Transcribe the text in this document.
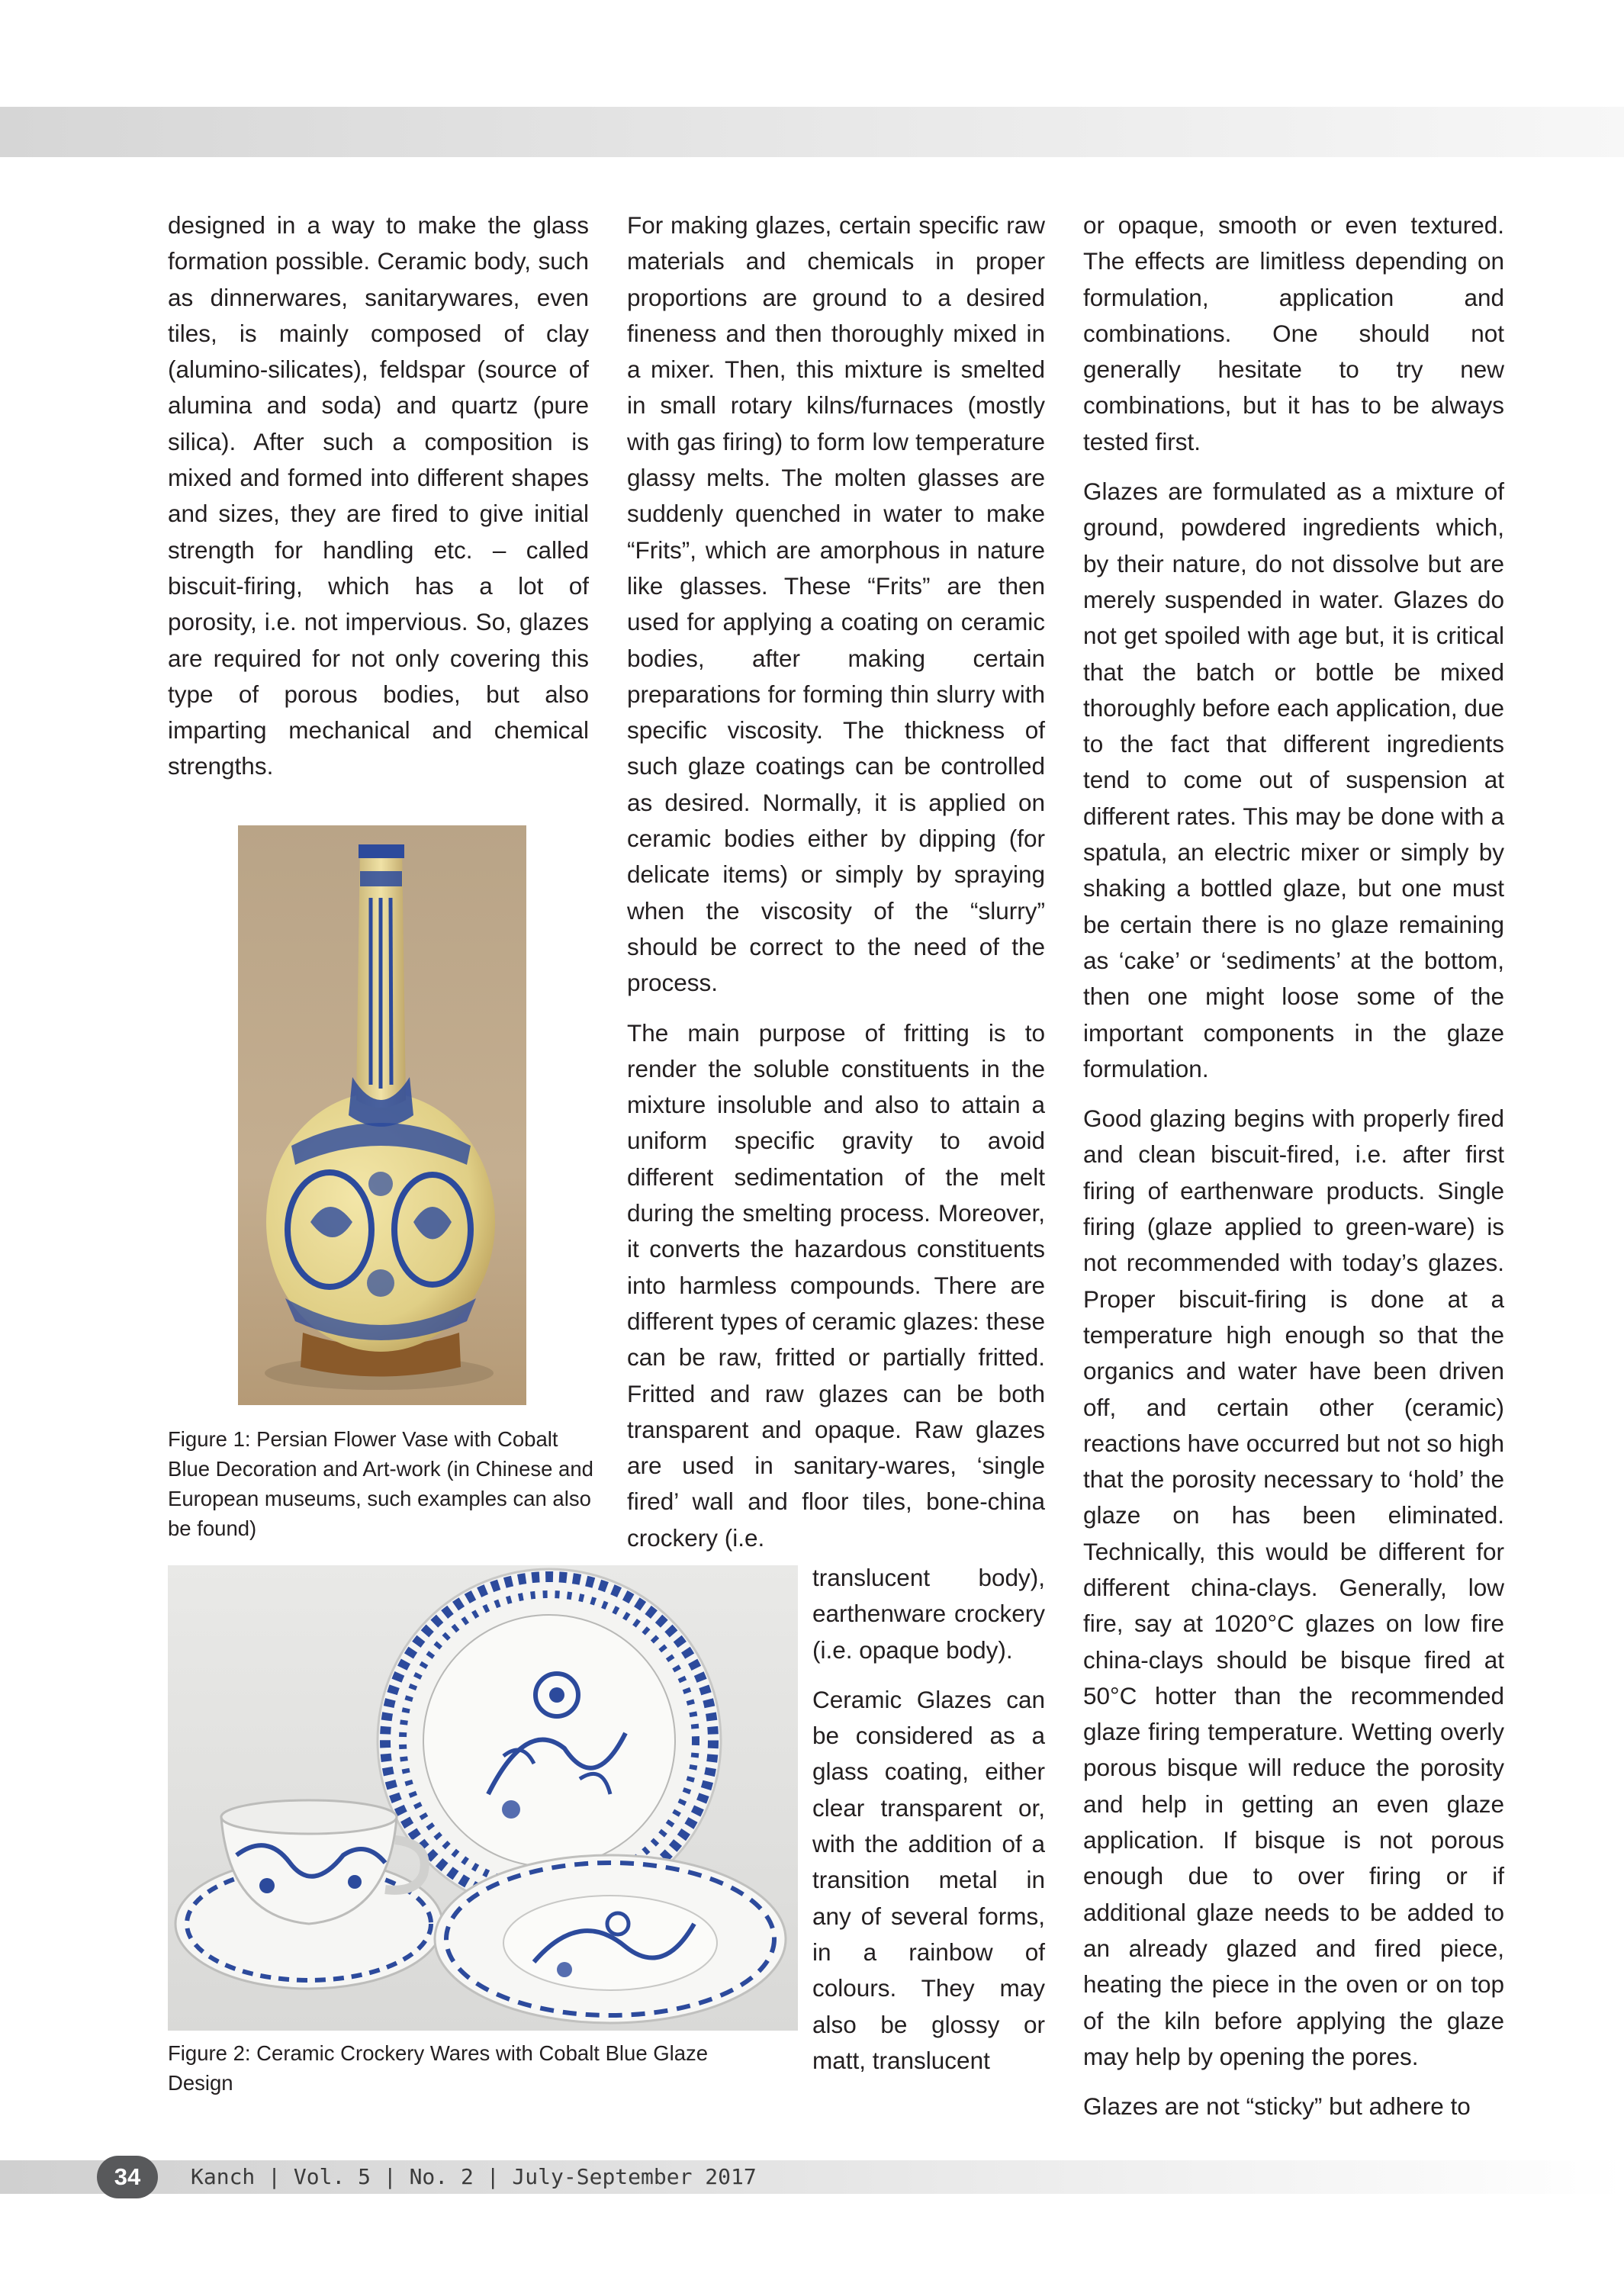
designed in a way to make the glass formation possible. Ceramic body, such as dinnerwares, sanitarywares, even tiles, is mainly composed of clay (alumino-silicates), feldspar (source of alumina and soda) and quartz (pure silica). After such a composition is mixed and formed into different shapes and sizes, they are fired to give initial strength for handling etc. – called biscuit-firing, which has a lot of porosity, i.e. not impervious. So, glazes are required for not only covering this type of porous bodies, but also imparting mechanical and chemical strengths.

Figure 1: Persian Flower Vase with Cobalt Blue Decoration and Art-work (in Chinese and European museums, such examples can also be found)

For making glazes, certain specific raw materials and chemicals in proper proportions are ground to a desired fineness and then thoroughly mixed in a mixer. Then, this mixture is smelted in small rotary kilns/furnaces (mostly with gas firing) to form low temperature glassy melts. The molten glasses are suddenly quenched in water to make “Frits”, which are amorphous in nature like glasses. These “Frits” are then used for applying a coating on ceramic bodies, after making certain preparations for forming thin slurry with specific viscosity. The thickness of such glaze coatings can be controlled as desired. Normally, it is applied on ceramic bodies either by dipping (for delicate items) or simply by spraying when the viscosity of the “slurry” should be correct to the need of the process.

The main purpose of fritting is to render the soluble constituents in the mixture insoluble and also to attain a uniform specific gravity to avoid different sedimentation of the melt during the smelting process. Moreover, it converts the hazardous constituents into harmless compounds. There are different types of ceramic glazes: these can be raw, fritted or partially fritted. Fritted and raw glazes can be both transparent and opaque. Raw glazes are used in sanitary-wares, ‘single fired’ wall and floor tiles, bone-china crockery (i.e.

translucent body), earthenware crockery (i.e. opaque body).

Ceramic Glazes can be considered as a glass coating, either clear transparent or, with the addition of a transition metal in any of several forms, in a rainbow of colours. They may also be glossy or matt, translucent

Figure 2: Ceramic Crockery Wares with Cobalt Blue Glaze Design

or opaque, smooth or even textured. The effects are limitless depending on formulation, application and combinations. One should not generally hesitate to try new combinations, but it has to be always tested first.

Glazes are formulated as a mixture of ground, powdered ingredients which, by their nature, do not dissolve but are merely suspended in water. Glazes do not get spoiled with age but, it is critical that the batch or bottle be mixed thoroughly before each application, due to the fact that different ingredients tend to come out of suspension at different rates. This may be done with a spatula, an electric mixer or simply by shaking a bottled glaze, but one must be certain there is no glaze remaining as ‘cake’ or ‘sediments’ at the bottom, then one might loose some of the important components in the glaze formulation.

Good glazing begins with properly fired and clean biscuit-fired, i.e. after first firing of earthenware products. Single firing (glaze applied to green-ware) is not recommended with today’s glazes. Proper biscuit-firing is done at a temperature high enough so that the organics and water have been driven off, and certain other (ceramic) reactions have occurred but not so high that the porosity necessary to ‘hold’ the glaze on has been eliminated. Technically, this would be different for different china-clays. Generally, low fire, say at 1020°C glazes on low fire china-clays should be bisque fired at 50°C hotter than the recommended glaze firing temperature. Wetting overly porous bisque will reduce the porosity and help in getting an even glaze application. If bisque is not porous enough due to over firing or if additional glaze needs to be added to an already glazed and fired piece, heating the piece in the oven or on top of the kiln before applying the glaze may help by opening the pores.

Glazes are not “sticky” but adhere to

34	Kanch | Vol. 5 | No. 2 | July-September 2017
